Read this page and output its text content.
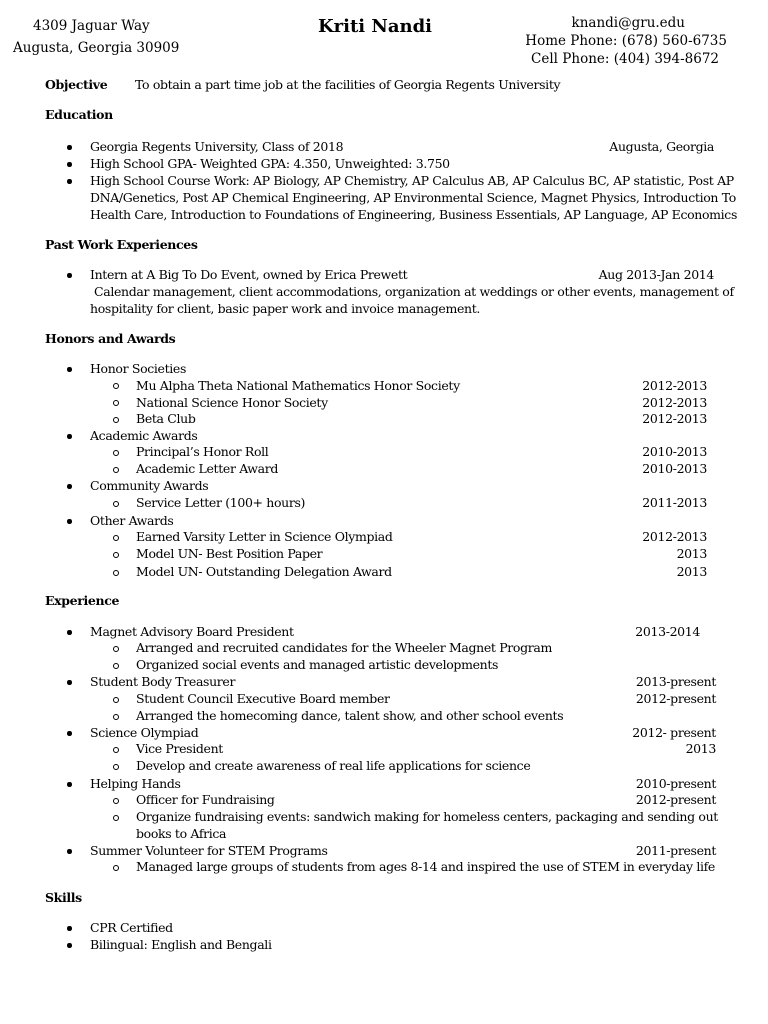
4309 Jaguar Way
Augusta, Georgia 30909
Kriti Nandi	knandi@gru.edu
Home Phone: (678) 560-6735
Cell Phone: (404) 394-8672
Objective To obtain a part time job at the facilities of Georgia Regents University
Education
Georgia Regents University, Class of 2018	Augusta, Georgia
High School GPA- Weighted GPA: 4.350, Unweighted: 3.750
High School Course Work: AP Biology, AP Chemistry, AP Calculus AB, AP Calculus BC, AP statistic, Post AP
DNA/Genetics, Post AP Chemical Engineering, AP Environmental Science, Magnet Physics, Introduction To
Health Care, Introduction to Foundations of Engineering, Business Essentials, AP Language, AP Economics
Past Work Experiences
Intern at A Big To Do Event, owned by Erica Prewett	Aug 2013-Jan 2014
Calendar management, client accommodations, organization at weddings or other events, management of
hospitality for client, basic paper work and invoice management.
Honors and Awards
Honor Societies
Mu Alpha Theta National Mathematics Honor Society	2012-2013
National Science Honor Society	2012-2013
Beta Club	2012-2013
Academic Awards
Principal’s Honor Roll	2010-2013
Academic Letter Award	2010-2013
Community Awards
Service Letter (100+ hours)	2011-2013
Other Awards
Earned Varsity Letter in Science Olympiad	2012-2013
Model UN- Best Position Paper	2013
Model UN- Outstanding Delegation Award	2013
Experience
Magnet Advisory Board President	2013-2014
Arranged and recruited candidates for the Wheeler Magnet Program
Organized social events and managed artistic developments
Student Body Treasurer	2013-present
Student Council Executive Board member	2012-present
Arranged the homecoming dance, talent show, and other school events
Science Olympiad	2012- present
Vice President	2013
Develop and create awareness of real life applications for science
Helping Hands	2010-present
Officer for Fundraising	2012-present
Organize fundraising events: sandwich making for homeless centers, packaging and sending out
books to Africa
Summer Volunteer for STEM Programs	2011-present
Managed large groups of students from ages 8-14 and inspired the use of STEM in everyday life
Skills
CPR Certified
Bilingual: English and Bengali
